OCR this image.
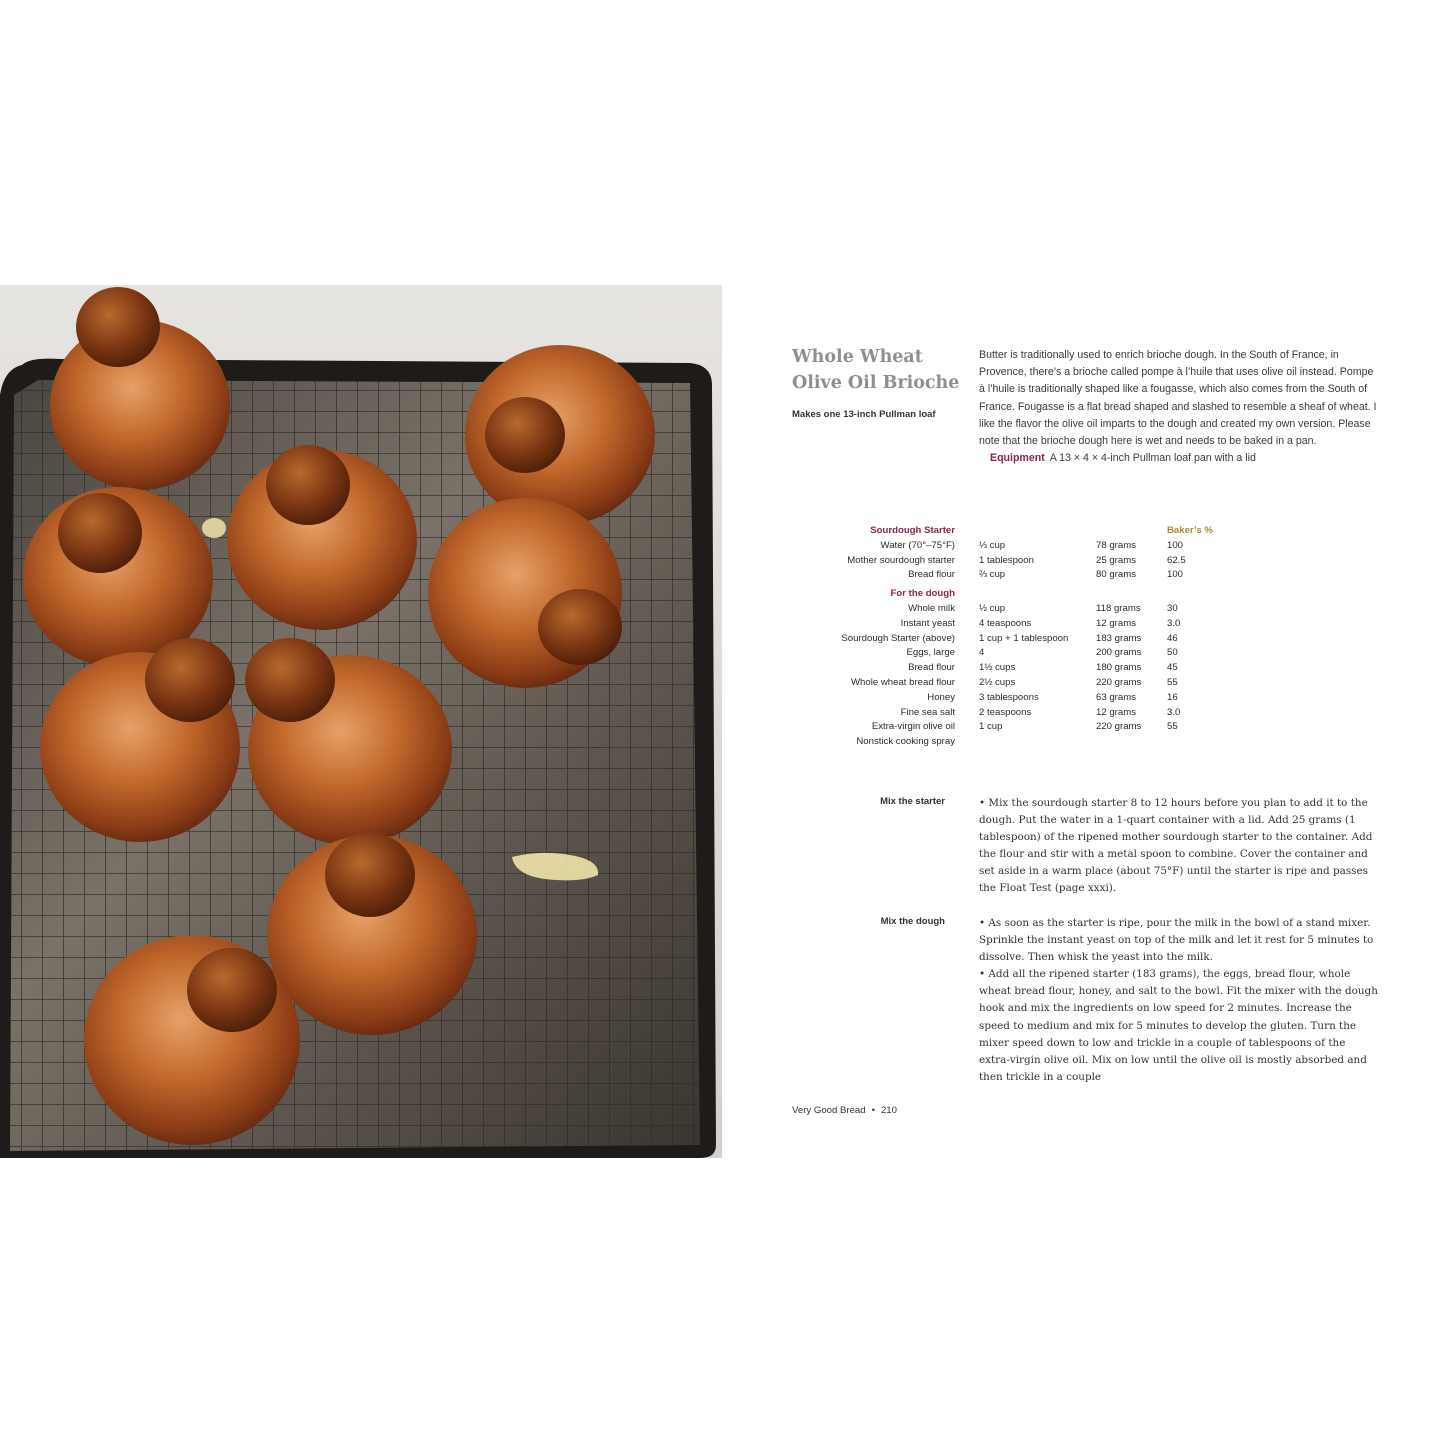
Whole Wheat
Olive Oil Brioche
Makes one 13-inch Pullman loaf

Butter is traditionally used to enrich brioche dough. In the South of France, in Provence, there’s a brioche called pompe à l’huile that uses olive oil instead. Pompe à l’huile is traditionally shaped like a fougasse, which also comes from the South of France. Fougasse is a flat bread shaped and slashed to resemble a sheaf of wheat. I like the flavor the olive oil imparts to the dough and created my own version. Please note that the brioche dough here is wet and needs to be baked in a pan.

Equipment A 13 × 4 × 4-inch Pullman loaf pan with a lid

Sourdough Starter	Baker’s %
Water (70°–75°F)	⅓ cup	78 grams	100
Mother sourdough starter	1 tablespoon	25 grams	62.5
Bread flour	⅔ cup	80 grams	100
For the dough
Whole milk	½ cup	118 grams	30
Instant yeast	4 teaspoons	12 grams	3.0
Sourdough Starter (above)	1 cup + 1 tablespoon	183 grams	46
Eggs, large	4	200 grams	50
Bread flour	1½ cups	180 grams	45
Whole wheat bread flour	2½ cups	220 grams	55
Honey	3 tablespoons	63 grams	16
Fine sea salt	2 teaspoons	12 grams	3.0
Extra-virgin olive oil	1 cup	220 grams	55
Nonstick cooking spray
Mix the starter	• Mix the sourdough starter 8 to 12 hours before you plan to add it to the dough. Put the water in a 1-quart container with a lid. Add 25 grams (1 tablespoon) of the ripened mother sourdough starter to the container. Add the flour and stir with a metal spoon to combine. Cover the container and set aside in a warm place (about 75°F) until the starter is ripe and passes the Float Test (page xxxi).

Mix the dough	• As soon as the starter is ripe, pour the milk in the bowl of a stand mixer. Sprinkle the instant yeast on top of the milk and let it rest for 5 minutes to dissolve. Then whisk the yeast into the milk.

• Add all the ripened starter (183 grams), the eggs, bread flour, whole wheat bread flour, honey, and salt to the bowl. Fit the mixer with the dough hook and mix the ingredients on low speed for 2 minutes. Increase the speed to medium and mix for 5 minutes to develop the gluten. Turn the mixer speed down to low and trickle in a couple of tablespoons of the extra-virgin olive oil. Mix on low until the olive oil is mostly absorbed and then trickle in a couple

Very Good Bread • 210
